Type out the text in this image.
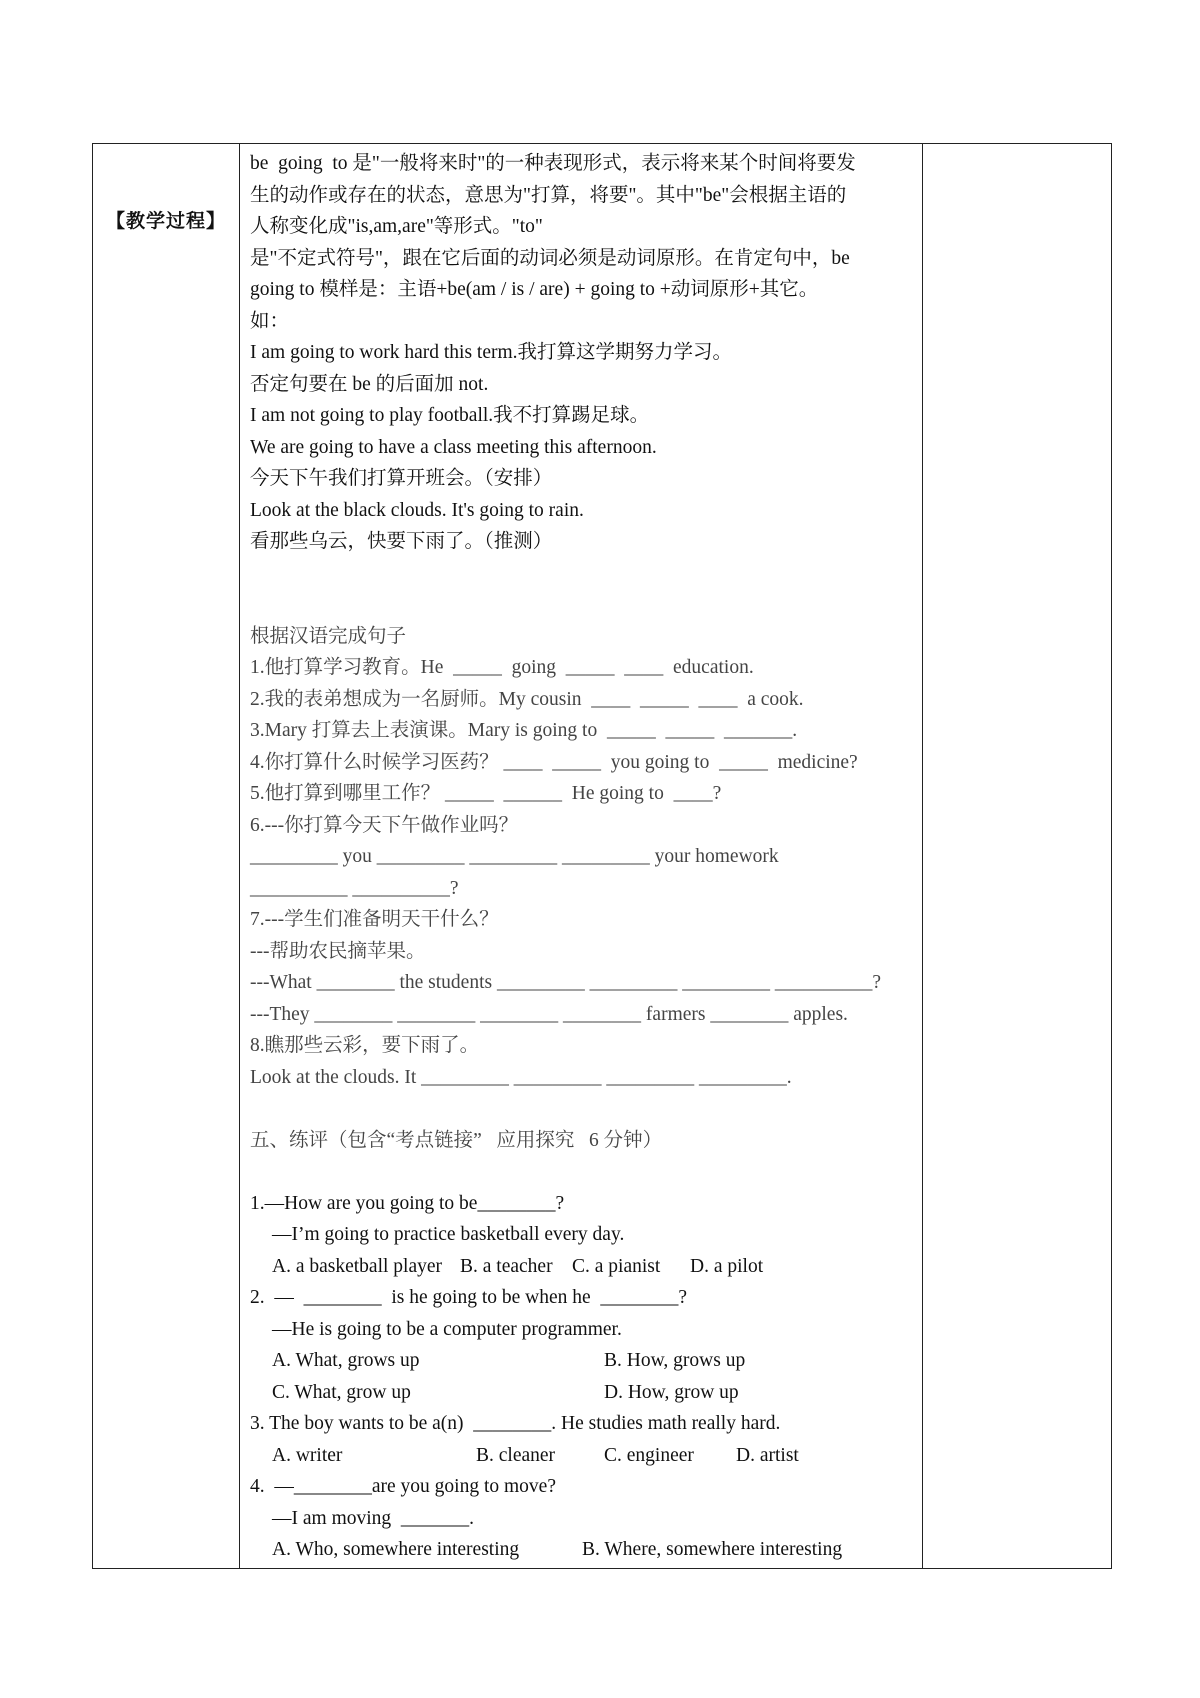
【教学过程】

be  going  to 是"一般将来时"的一种表现形式，表示将来某个时间将要发

生的动作或存在的状态，意思为"打算，将要"。其中"be"会根据主语的

人称变化成"is,am,are"等形式。"to"

是"不定式符号"，跟在它后面的动词必须是动词原形。在肯定句中，be

going to 模样是：主语+be(am / is / are) + going to +动词原形+其它。

如：

I am going to work hard this term.我打算这学期努力学习。

否定句要在 be 的后面加 not.

I am not going to play football.我不打算踢足球。

We are going to have a class meeting this afternoon.

今天下午我们打算开班会。（安排）

Look at the black clouds. It's going to rain.

看那些乌云，快要下雨了。（推测）

根据汉语完成句子

1.他打算学习教育。He  _____  going  _____  ____  education.

2.我的表弟想成为一名厨师。My cousin  ____  _____  ____  a cook.

3.Mary 打算去上表演课。Mary is going to  _____  _____  _______.

4.你打算什么时候学习医药？ ____  _____  you going to  _____  medicine?

5.他打算到哪里工作？ _____  ______  He going to  ____?

6.---你打算今天下午做作业吗？

_________ you _________ _________ _________ your homework

__________ __________?

7.---学生们准备明天干什么？

---帮助农民摘苹果。

---What ________ the students _________ _________ _________ __________?

---They ________ ________ ________ ________ farmers ________ apples.

8.瞧那些云彩，要下雨了。

Look at the clouds. It _________ _________ _________ _________.

五、练评（包含“考点链接”   应用探究   6 分钟）

1.—How are you going to be________?

—I’m going to practice basketball every day.

A. a basketball player B. a teacher C. a pianist	D. a pilot

2.  —  ________  is he going to be when he  ________?

—He is going to be a computer programmer.

A. What, grows up	B. How, grows up
C. What, grow up	D. How, grow up

3. The boy wants to be a(n)  ________. He studies math really hard.

A. writer	B. cleaner	C. engineer	D. artist

4.  —________are you going to move?

—I am moving  _______.

A. Who, somewhere interesting	B. Where, somewhere interesting
